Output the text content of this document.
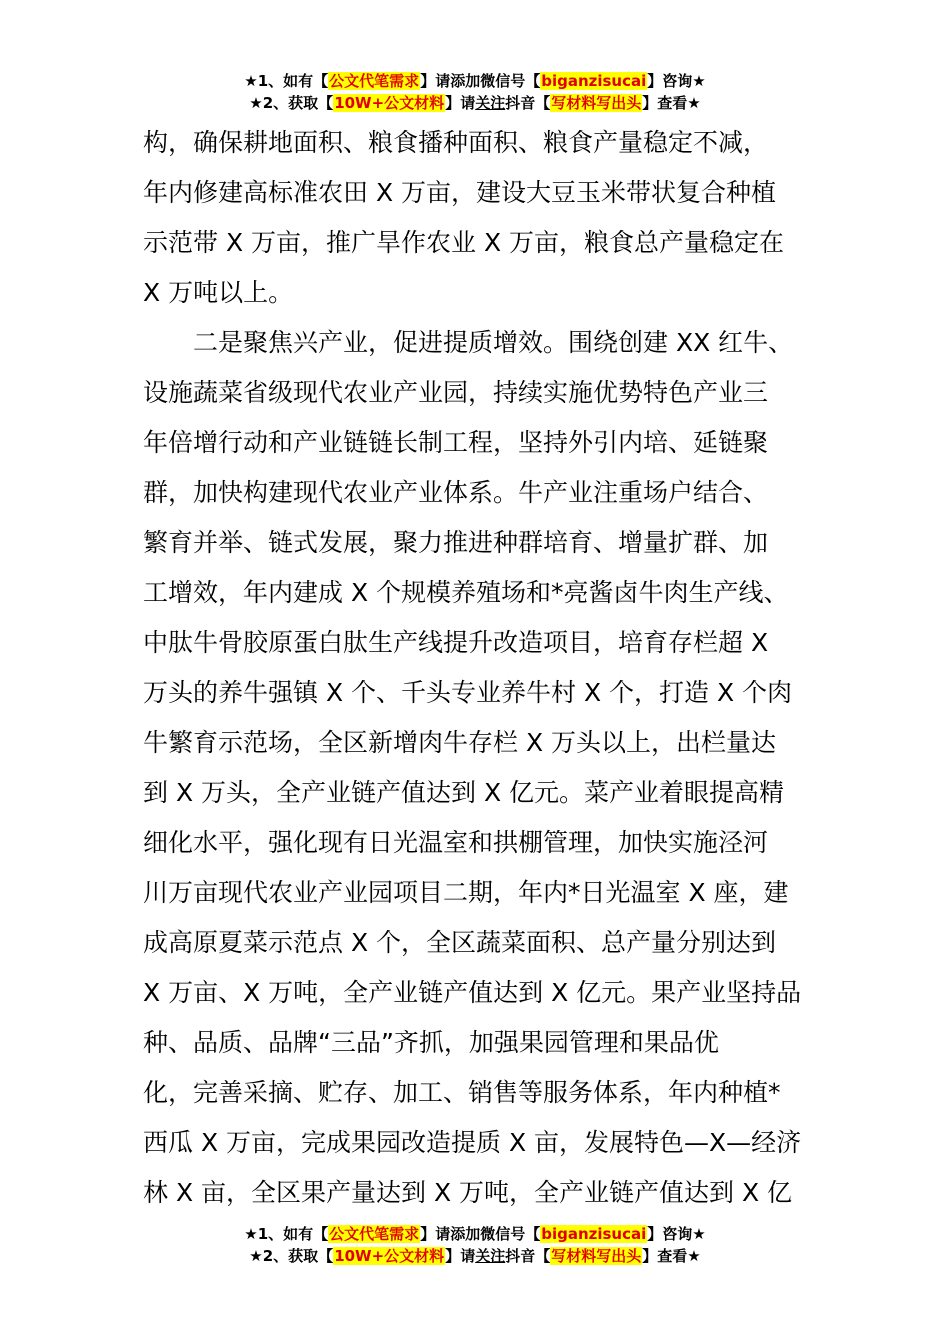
★1、如有【公文代笔需求】请添加微信号【biganzisucai】咨询★
★2、获取【10W+公文材料】请关注抖音【写材料写出头】查看★
构，确保耕地面积、粮食播种面积、粮食产量稳定不减，
年内修建高标准农田 X 万亩，建设大豆玉米带状复合种植
示范带 X 万亩，推广旱作农业 X 万亩，粮食总产量稳定在
X 万吨以上。
　　二是聚焦兴产业，促进提质增效。围绕创建 XX 红牛、
设施蔬菜省级现代农业产业园，持续实施优势特色产业三
年倍增行动和产业链链长制工程，坚持外引内培、延链聚
群，加快构建现代农业产业体系。牛产业注重场户结合、
繁育并举、链式发展，聚力推进种群培育、增量扩群、加
工增效，年内建成 X 个规模养殖场和*亮酱卤牛肉生产线、
中肽牛骨胶原蛋白肽生产线提升改造项目，培育存栏超 X
万头的养牛强镇 X 个、千头专业养牛村 X 个，打造 X 个肉
牛繁育示范场，全区新增肉牛存栏 X 万头以上，出栏量达
到 X 万头，全产业链产值达到 X 亿元。菜产业着眼提高精
细化水平，强化现有日光温室和拱棚管理，加快实施泾河
川万亩现代农业产业园项目二期，年内*日光温室 X 座，建
成高原夏菜示范点 X 个，全区蔬菜面积、总产量分别达到
X 万亩、X 万吨，全产业链产值达到 X 亿元。果产业坚持品
种、品质、品牌“三品”齐抓，加强果园管理和果品优
化，完善采摘、贮存、加工、销售等服务体系，年内种植*
西瓜 X 万亩，完成果园改造提质 X 亩，发展特色—X—经济
林 X 亩，全区果产量达到 X 万吨，全产业链产值达到 X 亿
★1、如有【公文代笔需求】请添加微信号【biganzisucai】咨询★
★2、获取【10W+公文材料】请关注抖音【写材料写出头】查看★
